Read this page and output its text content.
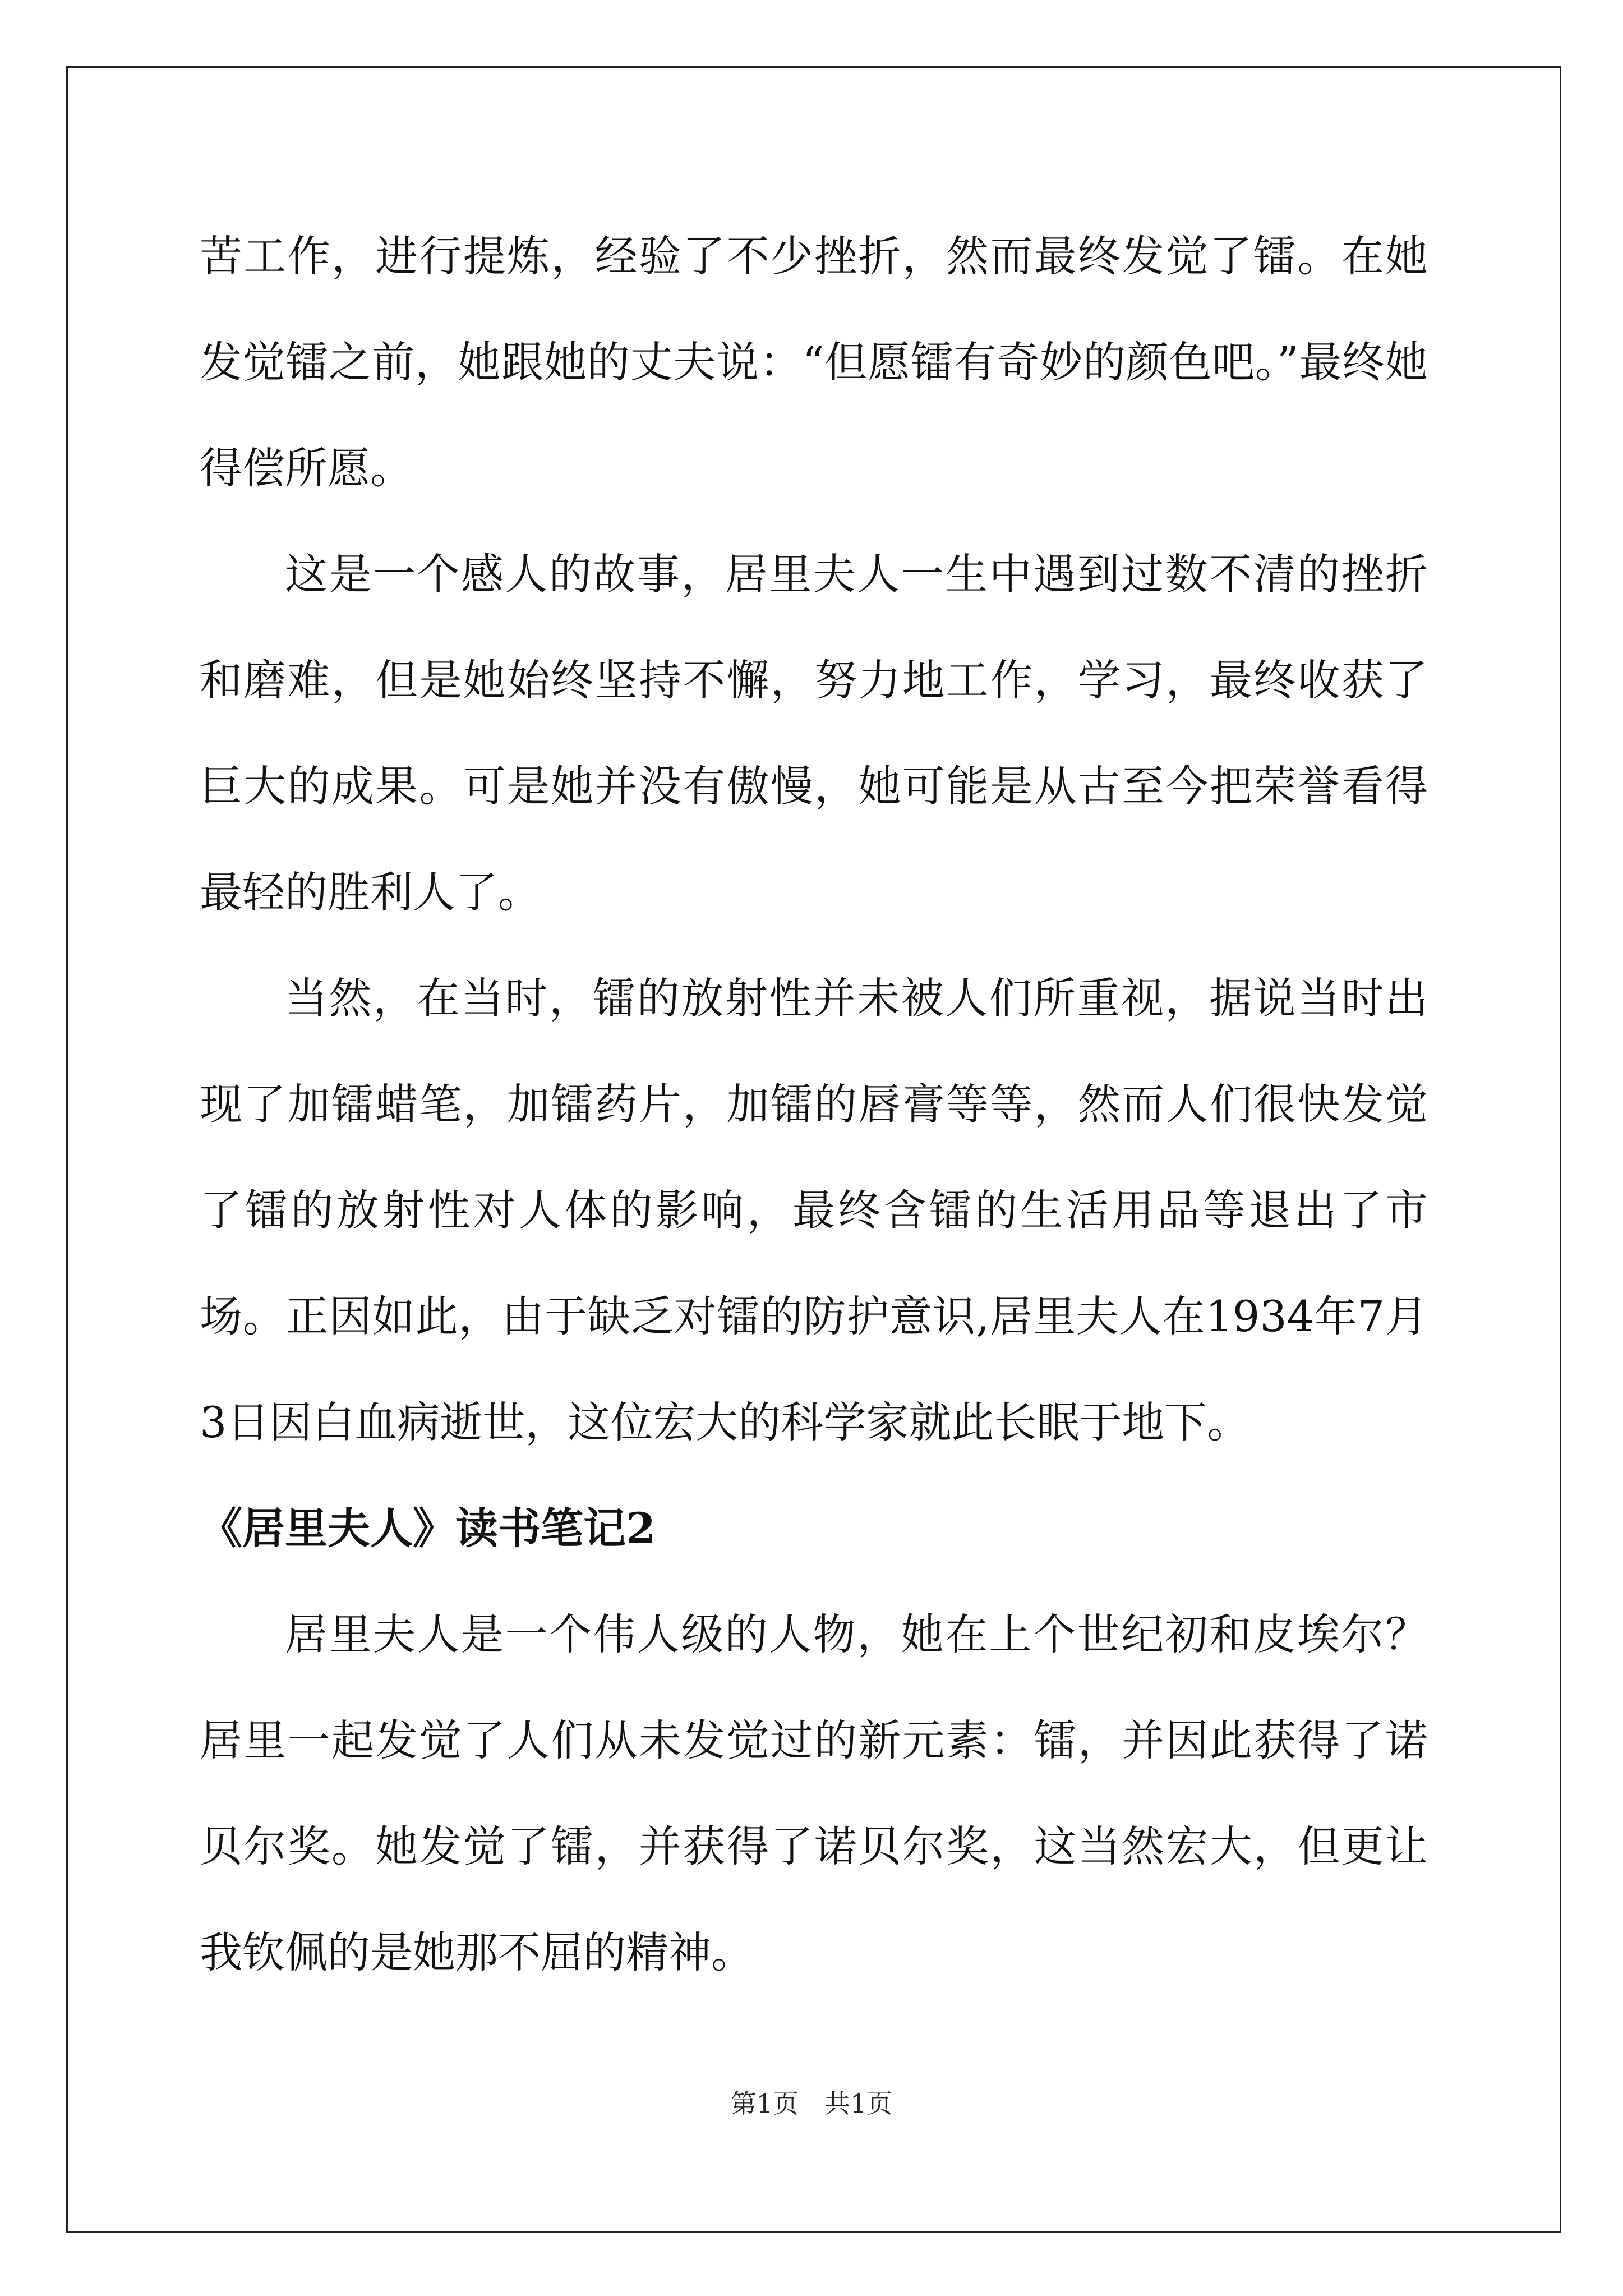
苦工作，进行提炼，经验了不少挫折，然而最终发觉了镭。在她发觉镭之前，她跟她的丈夫说：“但愿镭有奇妙的颜色吧。”最终她得偿所愿。

这是一个感人的故事，居里夫人一生中遇到过数不清的挫折和磨难，但是她始终坚持不懈，努力地工作，学习，最终收获了巨大的成果。可是她并没有傲慢，她可能是从古至今把荣誉看得最轻的胜利人了。

当然，在当时，镭的放射性并未被人们所重视，据说当时出现了加镭蜡笔，加镭药片，加镭的唇膏等等，然而人们很快发觉了镭的放射性对人体的影响，最终含镭的生活用品等退出了市场。正因如此，由于缺乏对镭的防护意识,居里夫人在1934年7月3日因白血病逝世，这位宏大的科学家就此长眠于地下。

《居里夫人》读书笔记2

居里夫人是一个伟人级的人物，她在上个世纪初和皮埃尔？居里一起发觉了人们从未发觉过的新元素：镭，并因此获得了诺贝尔奖。她发觉了镭，并获得了诺贝尔奖，这当然宏大，但更让我钦佩的是她那不屈的精神。

第1页　共1页
